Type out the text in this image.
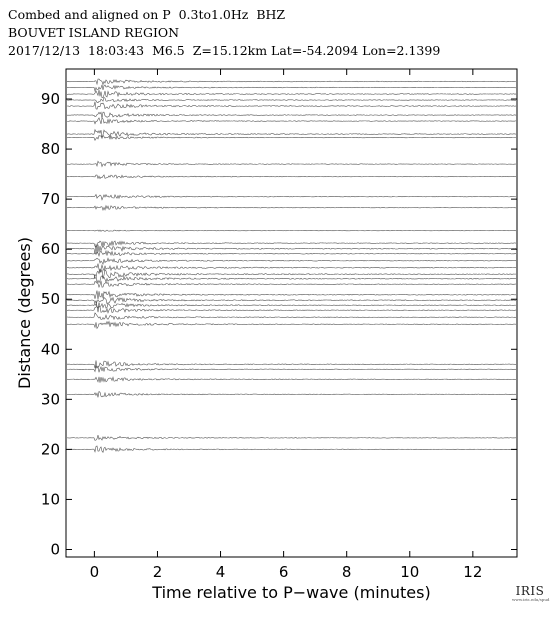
Combed and aligned on P  0.3to1.0Hz  BHZ
BOUVET ISLAND REGION
2017/12/13  18:03:43  M6.5  Z=15.12km Lat=-54.2094 Lon=2.1399
0	2	4	6	8	10	12
0
10
20
30
40
50
60
70
80
90
Time relative to P−wave (minutes)
Distance (degrees)
IRIS
www.iris.edu/spud
